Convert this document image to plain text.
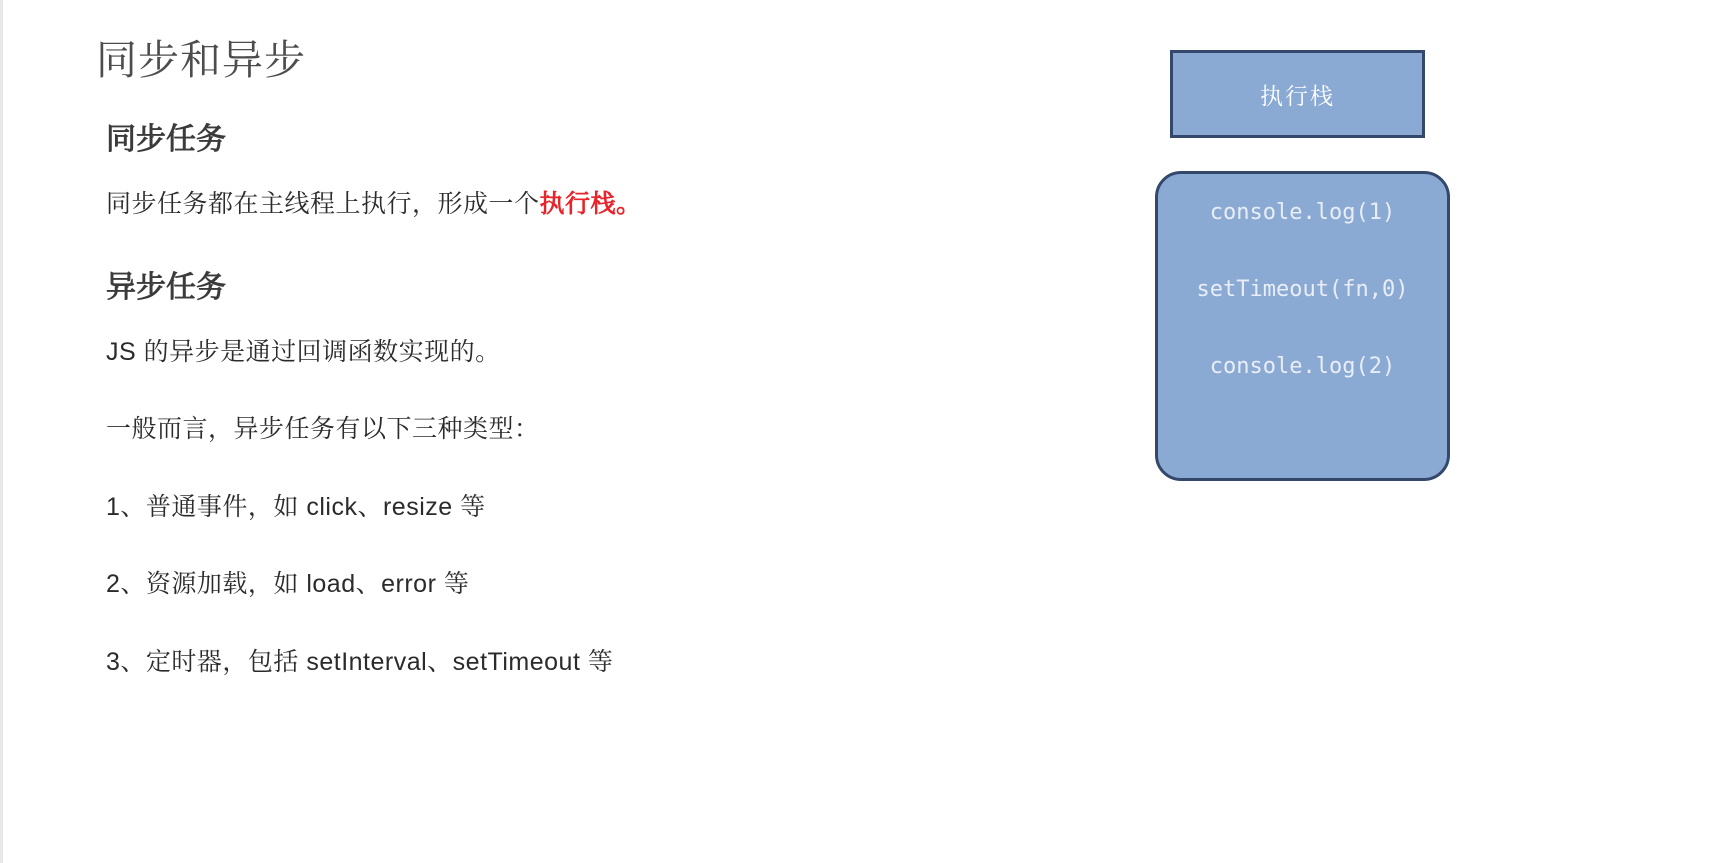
同步和异步
同步任务

同步任务都在主线程上执行，形成一个执行栈。

异步任务

JS 的异步是通过回调函数实现的。

一般而言，异步任务有以下三种类型：

1、普通事件，如 click、resize 等

2、资源加载，如 load、error 等

3、定时器，包括 setInterval、setTimeout 等

执行栈
console.log(1)
setTimeout(fn,0)
console.log(2)
